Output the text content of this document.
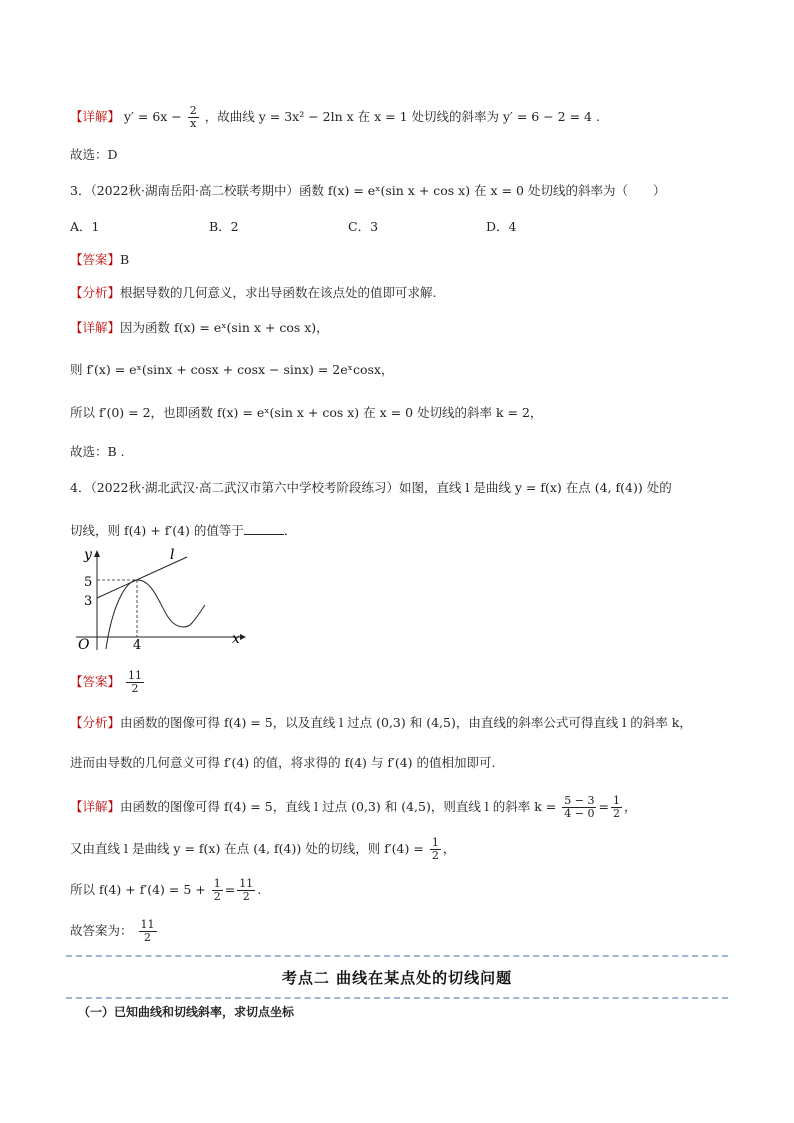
【详解】 $y' = 6x - \frac{2}{x}$ ，故曲线 y = 3x² − 2ln x 在 x = 1 处切线的斜率为 y′ = 6 − 2 = 4 .
故选：D
3．（2022秋·湖南岳阳·高二校联考期中）函数 f(x) = eˣ(sin x + cos x) 在 x = 0 处切线的斜率为（　　）
A．1	B．2	C．3	D．4
【答案】B
【分析】根据导数的几何意义，求出导函数在该点处的值即可求解.
【详解】因为函数 f(x) = eˣ(sin x + cos x)，
则 f′(x) = eˣ(sinx + cosx + cosx − sinx) = 2eˣcosx，
所以 f′(0) = 2，也即函数 f(x) = eˣ(sin x + cos x) 在 x = 0 处切线的斜率 k = 2，
故选：B .
4．（2022秋·湖北武汉·高二武汉市第六中学校考阶段练习）如图，直线 l 是曲线 y = f(x) 在点 (4, f(4)) 处的
切线，则 f(4) + f′(4) 的值等于	．
y
x
O
5
3
4
l
【答案】 $\frac{11}{2}$
【分析】由函数的图像可得 f(4) = 5，以及直线 l 过点 (0,3) 和 (4,5)，由直线的斜率公式可得直线 l 的斜率 k，
进而由导数的几何意义可得 f′(4) 的值，将求得的 f(4) 与 f′(4) 的值相加即可.
【详解】由函数的图像可得 f(4) = 5，直线 l 过点 (0,3) 和 (4,5)，则直线 l 的斜率 $k = \frac{5 - 3}{4 - 0} = \frac{1}{2}$ ，
又由直线 l 是曲线 y = f(x) 在点 (4, f(4)) 处的切线，则 $f'(4) = \frac{1}{2}$ ，
所以 $f(4) + f'(4) = 5 + \frac{1}{2} = \frac{11}{2}$ .
故答案为： $\frac{11}{2}$
考点二 曲线在某点处的切线问题
（一）已知曲线和切线斜率，求切点坐标
